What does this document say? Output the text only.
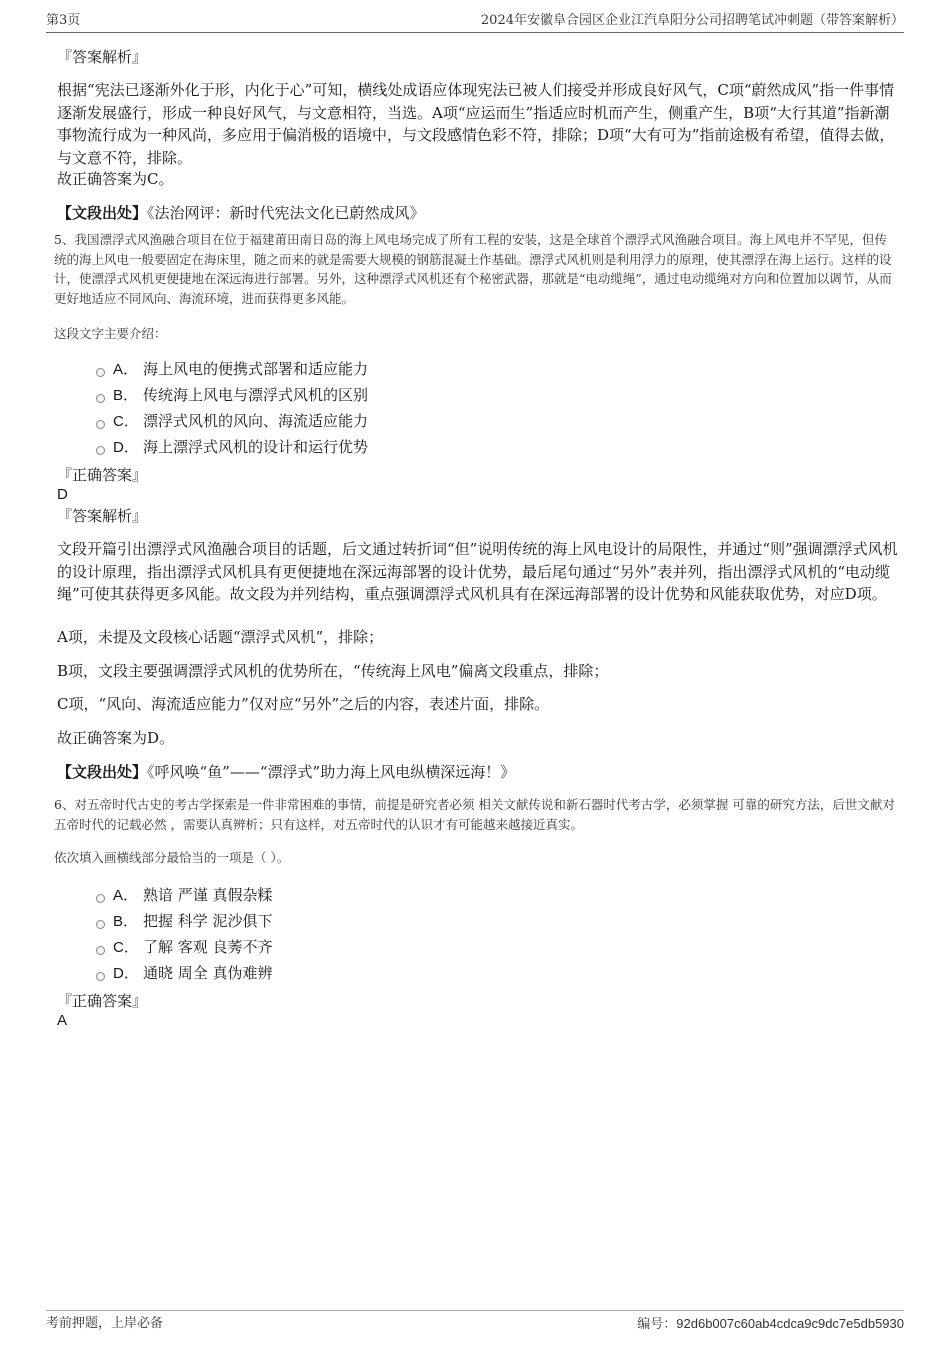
第3页	2024年安徽阜合园区企业江汽阜阳分公司招聘笔试冲刺题（带答案解析）
『答案解析』
根据“宪法已逐渐外化于形，内化于心”可知，横线处成语应体现宪法已被人们接受并形成良好风气，C项“蔚然成风”指一件事情逐渐发展盛行，形成一种良好风气，与文意相符，当选。A项“应运而生”指适应时机而产生，侧重产生，B项“大行其道”指新潮事物流行成为一种风尚，多应用于偏消极的语境中，与文段感情色彩不符，排除；D项“大有可为”指前途极有希望，值得去做，与文意不符，排除。
故正确答案为C。
【文段出处】《法治网评：新时代宪法文化已蔚然成风》
5、我国漂浮式风渔融合项目在位于福建莆田南日岛的海上风电场完成了所有工程的安装，这是全球首个漂浮式风渔融合项目。海上风电并不罕见，但传统的海上风电一般要固定在海床里，随之而来的就是需要大规模的钢筋混凝土作基础。漂浮式风机则是利用浮力的原理，使其漂浮在海上运行。这样的设计，使漂浮式风机更便捷地在深远海进行部署。另外，这种漂浮式风机还有个秘密武器，那就是“电动缆绳”，通过电动缆绳对方向和位置加以调节，从而更好地适应不同风向、海流环境，进而获得更多风能。
这段文字主要介绍：
A． 海上风电的便携式部署和适应能力
B． 传统海上风电与漂浮式风机的区别
C． 漂浮式风机的风向、海流适应能力
D． 海上漂浮式风机的设计和运行优势
『正确答案』
D
『答案解析』
文段开篇引出漂浮式风渔融合项目的话题，后文通过转折词“但”说明传统的海上风电设计的局限性，并通过“则”强调漂浮式风机的设计原理，指出漂浮式风机具有更便捷地在深远海部署的设计优势，最后尾句通过“另外”表并列，指出漂浮式风机的“电动缆绳”可使其获得更多风能。故文段为并列结构，重点强调漂浮式风机具有在深远海部署的设计优势和风能获取优势，对应D项。
A项，未提及文段核心话题“漂浮式风机”，排除；
B项，文段主要强调漂浮式风机的优势所在，“传统海上风电”偏离文段重点，排除；
C项，“风向、海流适应能力”仅对应“另外”之后的内容，表述片面，排除。
故正确答案为D。
【文段出处】《呼风唤“鱼”——“漂浮式”助力海上风电纵横深远海！》
6、对五帝时代古史的考古学探索是一件非常困难的事情，前提是研究者必须 相关文献传说和新石器时代考古学，必须掌握 可靠的研究方法，后世文献对五帝时代的记载必然 ，需要认真辨析；只有这样，对五帝时代的认识才有可能越来越接近真实。
依次填入画横线部分最恰当的一项是（ ）。
A． 熟谙 严谨 真假杂糅
B． 把握 科学 泥沙俱下
C． 了解 客观 良莠不齐
D． 通晓 周全 真伪难辨
『正确答案』
A
考前押题，上岸必备	编号：92d6b007c60ab4cdca9c9dc7e5db5930
